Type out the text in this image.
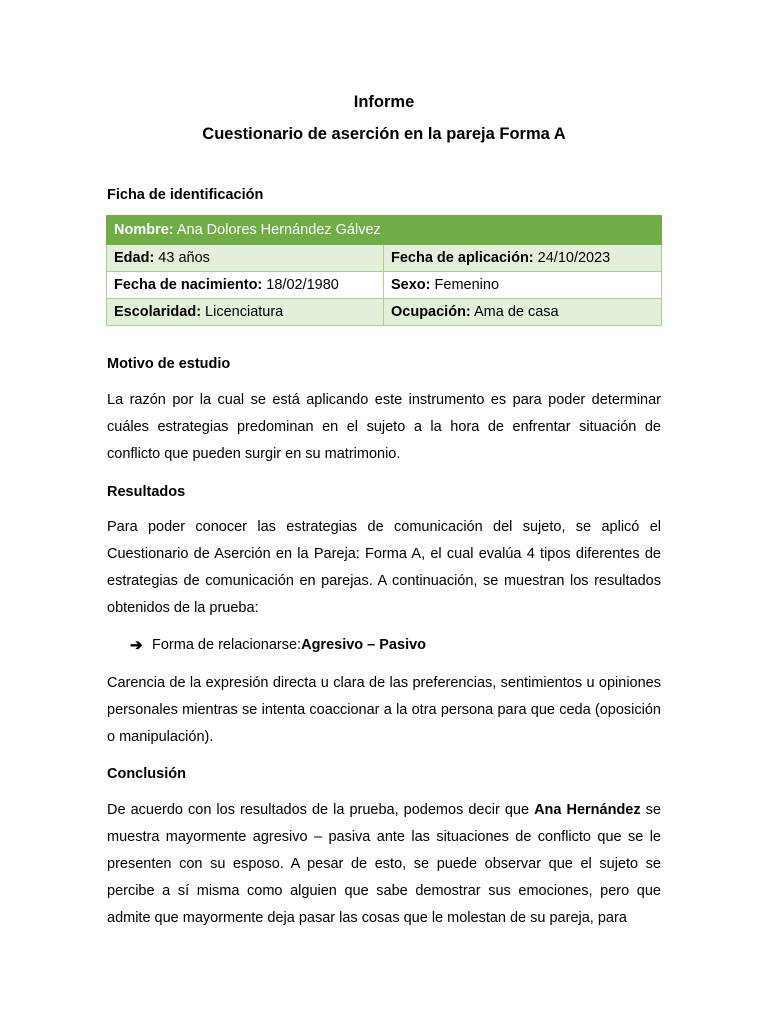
Informe
Cuestionario de aserción en la pareja Forma A
Ficha de identificación
Nombre: Ana Dolores Hernández Gálvez	
Edad: 43 años	Fecha de aplicación: 24/10/2023
Fecha de nacimiento: 18/02/1980	Sexo: Femenino
Escolaridad: Licenciatura	Ocupación: Ama de casa
Motivo de estudio

La razón por la cual se está aplicando este instrumento es para poder determinar cuáles estrategias predominan en el sujeto a la hora de enfrentar situación de conflicto que pueden surgir en su matrimonio.

Resultados

Para poder conocer las estrategias de comunicación del sujeto, se aplicó el Cuestionario de Aserción en la Pareja: Forma A, el cual evalúa 4 tipos diferentes de estrategias de comunicación en parejas. A continuación, se muestran los resultados obtenidos de la prueba:

➔ Forma de relacionarse: Agresivo – Pasivo

Carencia de la expresión directa u clara de las preferencias, sentimientos u opiniones personales mientras se intenta coaccionar a la otra persona para que ceda (oposición o manipulación).

Conclusión

De acuerdo con los resultados de la prueba, podemos decir que Ana Hernández se muestra mayormente agresivo – pasiva ante las situaciones de conflicto que se le presenten con su esposo. A pesar de esto, se puede observar que el sujeto se percibe a sí misma como alguien que sabe demostrar sus emociones, pero que admite que mayormente deja pasar las cosas que le molestan de su pareja, para
